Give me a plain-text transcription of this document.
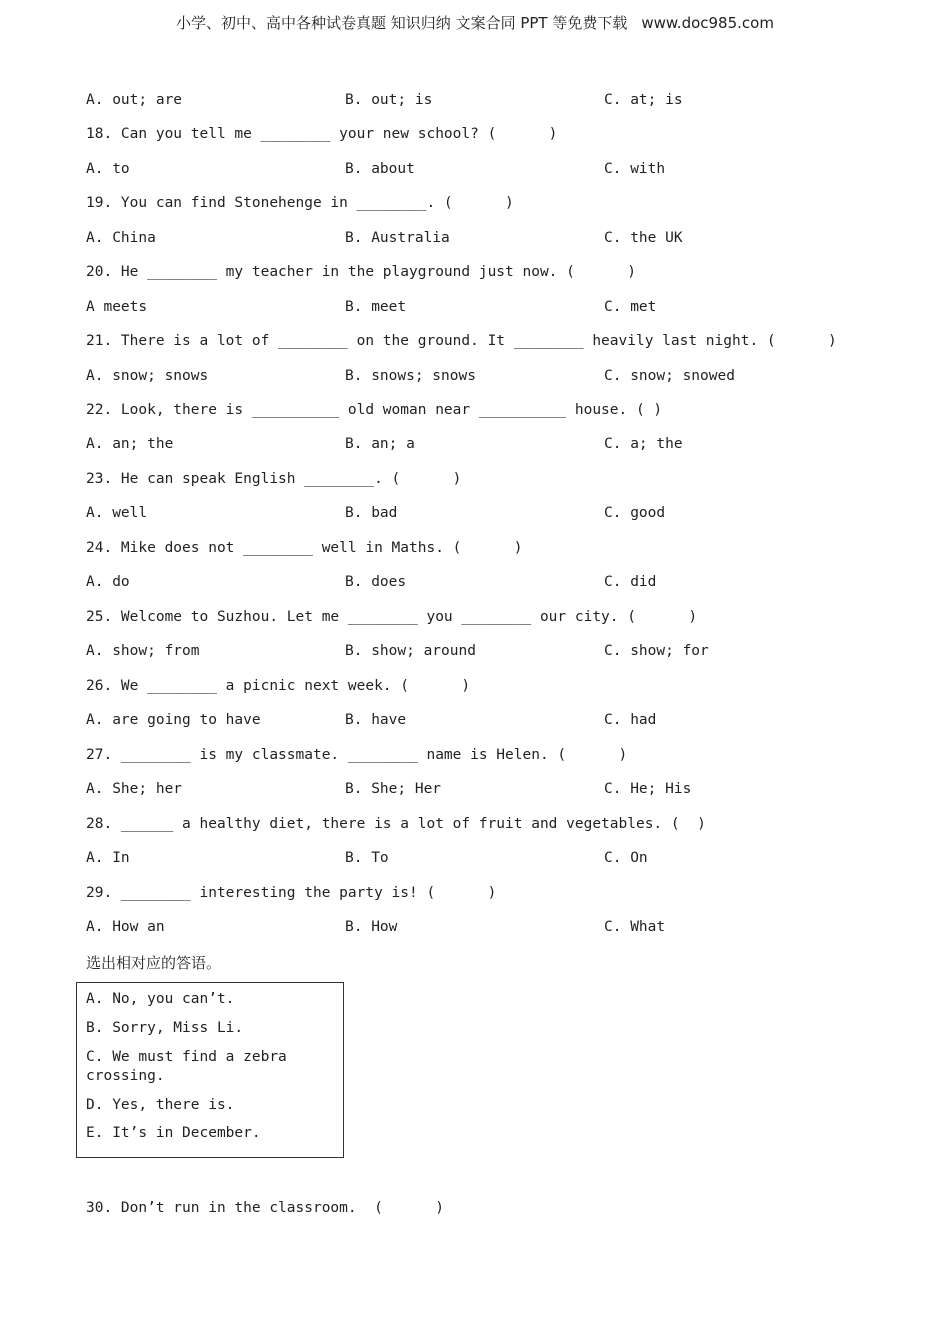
小学、初中、高中各种试卷真题 知识归纳 文案合同 PPT 等免费下载 www.doc985.com
A. out; are	B. out; is	C. at; is
18. Can you tell me ________ your new school? (      )
A. to	B. about	C. with
19. You can find Stonehenge in ________. (      )
A. China	B. Australia	C. the UK
20. He ________ my teacher in the playground just now. (      )
A meets	B. meet	C. met
21. There is a lot of ________ on the ground. It ________ heavily last night. (      )
A. snow; snows	B. snows; snows	C. snow; snowed
22. Look, there is __________ old woman near __________ house. ( )
A. an; the	B. an; a	C. a; the
23. He can speak English ________. (      )
A. well	B. bad	C. good
24. Mike does not ________ well in Maths. (      )
A. do	B. does	C. did
25. Welcome to Suzhou. Let me ________ you ________ our city. (      )
A. show; from	B. show; around	C. show; for
26. We ________ a picnic next week. (      )
A. are going to have	B. have	C. had
27. ________ is my classmate. ________ name is Helen. (      )
A. She; her	B. She; Her	C. He; His
28. ______ a healthy diet, there is a lot of fruit and vegetables. (  )
A. In	B. To	C. On
29. ________ interesting the party is! (      )
A. How an	B. How	C. What
选出相对应的答语。
A. No, you can’t.
B. Sorry, Miss Li.
C. We must find a zebra crossing.
D. Yes, there is.
E. It’s in December.
30. Don’t run in the classroom.  (      )
